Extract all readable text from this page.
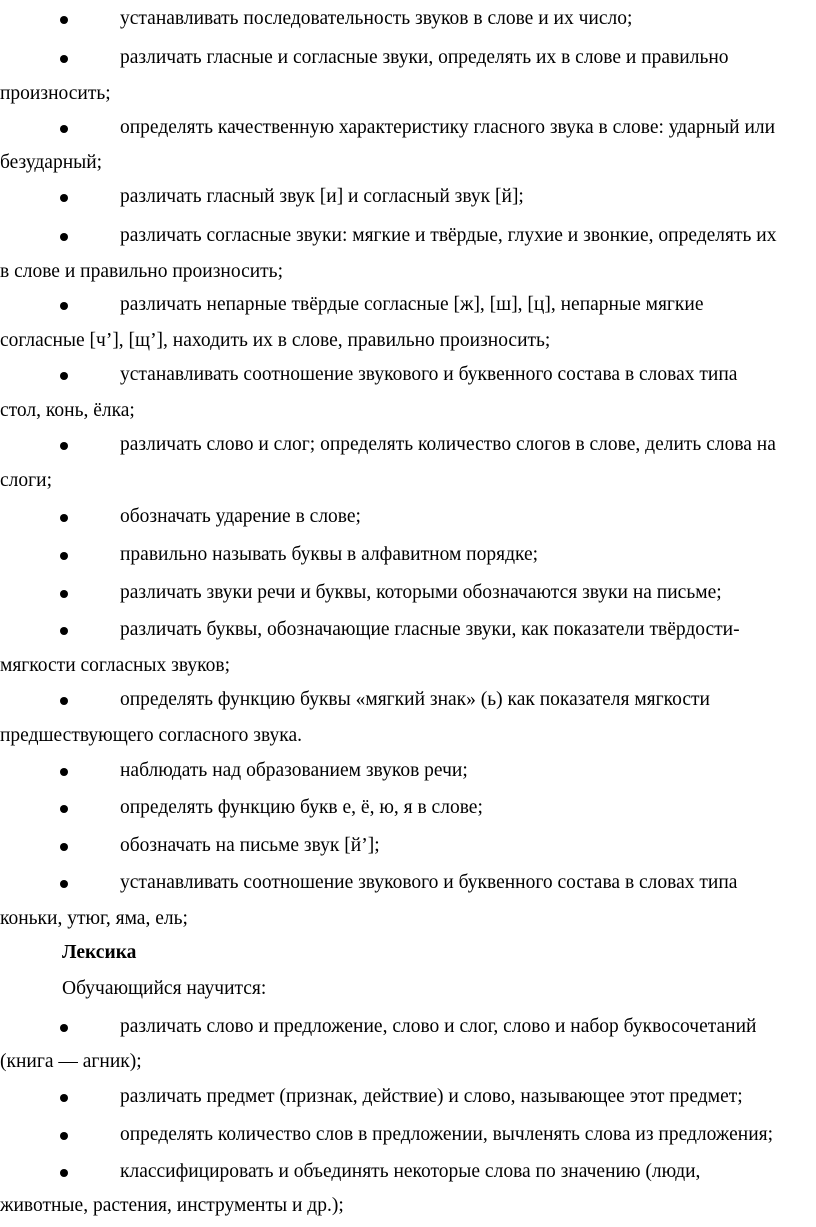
устанавливать последовательность звуков в слове и их число;
различать гласные и согласные звуки, определять их в слове и правильно
произносить;
определять качественную характеристику гласного звука в слове: ударный или
безударный;
различать гласный звук [и] и согласный звук [й];
различать согласные звуки: мягкие и твёрдые, глухие и звонкие, определять их
в слове и правильно произносить;
различать непарные твёрдые согласные [ж], [ш], [ц], непарные мягкие
согласные [ч’], [щ’], находить их в слове, правильно произносить;
устанавливать соотношение звукового и буквенного состава в словах типа
стол, конь, ёлка;
различать слово и слог; определять количество слогов в слове, делить слова на
слоги;
обозначать ударение в слове;
правильно называть буквы в алфавитном порядке;
различать звуки речи и буквы, которыми обозначаются звуки на письме;
различать буквы, обозначающие гласные звуки, как показатели твёрдости-
мягкости согласных звуков;
определять функцию буквы «мягкий знак» (ь) как показателя мягкости
предшествующего согласного звука.
наблюдать над образованием звуков речи;
определять функцию букв е, ё, ю, я в слове;
обозначать на письме звук [й’];
устанавливать соотношение звукового и буквенного состава в словах типа
коньки, утюг, яма, ель;
Лексика
Обучающийся научится:
различать слово и предложение, слово и слог, слово и набор буквосочетаний
(книга — агник);
различать предмет (признак, действие) и слово, называющее этот предмет;
определять количество слов в предложении, вычленять слова из предложения;
классифицировать и объединять некоторые слова по значению (люди,
животные, растения, инструменты и др.);
